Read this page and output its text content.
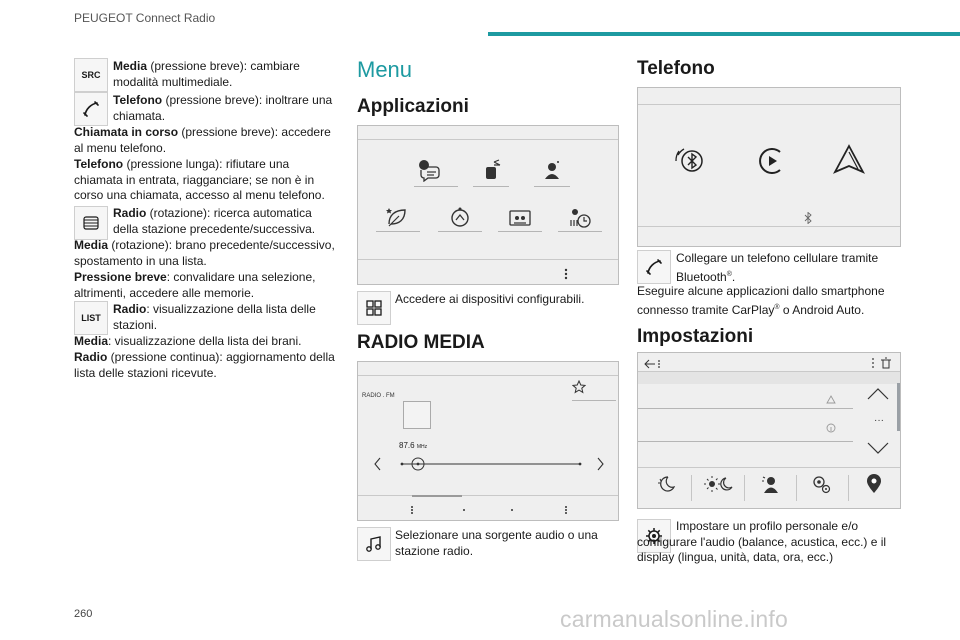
PEUGEOT Connect Radio
SRC
Media (pressione breve): cambiare modalità multimediale.
Telefono (pressione breve): inoltrare una chiamata.
Chiamata in corso (pressione breve): accedere al menu telefono.
Telefono (pressione lunga): rifiutare una chiamata in entrata, riagganciare; se non è in corso una chiamata, accesso al menu telefono.
Radio (rotazione): ricerca automatica della stazione precedente/successiva.
Media (rotazione): brano precedente/successivo, spostamento in una lista.
Pressione breve: convalidare una selezione, altrimenti, accedere alle memorie.
LIST
Radio: visualizzazione della lista delle stazioni.
Media: visualizzazione della lista dei brani.
Radio (pressione continua): aggiornamento della lista delle stazioni ricevute.
Menu
Applicazioni
Accedere ai dispositivi configurabili.
RADIO MEDIA
RADIO . FM
87.6 MHz
Selezionare una sorgente audio o una stazione radio.
Telefono
Collegare un telefono cellulare tramite Bluetooth®.
Eseguire alcune applicazioni dallo smartphone connesso tramite CarPlay® o Android Auto.
Impostazioni
···
Impostare un profilo personale e/o configurare l'audio (balance, acustica, ecc.) e il display (lingua, unità, data, ora, ecc.)
260	carmanualsonline.info
